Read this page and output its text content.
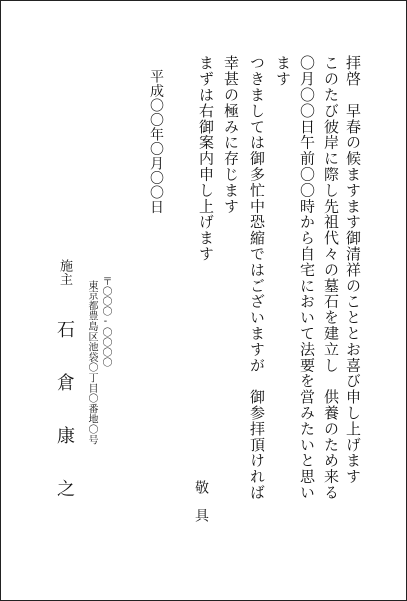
拝啓　早春の候ますます御清祥のこととお喜び申し上げます
このたび彼岸に際し先祖代々の墓石を建立し　供養のため来る
〇月〇〇日午前〇〇時から自宅において法要を営みたいと思い
ます
つきましては御多忙中恐縮ではございますが　御参拝頂ければ
幸甚の極みに存じます
まずは右御案内申し上げます
敬具
平成〇〇年〇月〇〇日
〒〇〇〇-〇〇〇〇
東京都豊島区池袋〇丁目〇番地〇号
施主
石倉康之
